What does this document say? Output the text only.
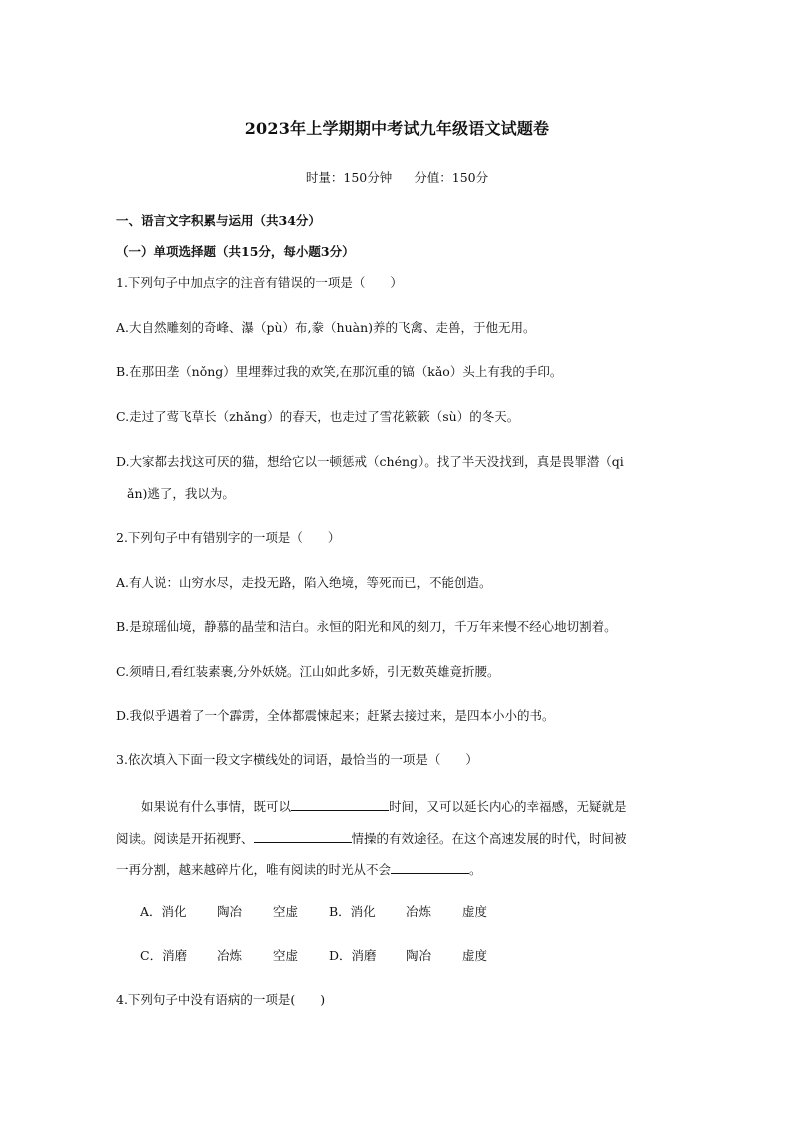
2023年上学期期中考试九年级语文试题卷
时量：150分钟 分值：150分
一、语言文字积累与运用（共34分）
（一）单项选择题（共15分，每小题3分）
1.下列句子中加点字的注音有错误的一项是（　　）
A.大自然雕刻的奇峰、瀑（pù）布,豢（huàn)养的飞禽、走兽，于他无用。
B.在那田垄（nǒng）里埋葬过我的欢笑,在那沉重的镐（kǎo）头上有我的手印。
C.走过了莺飞草长（zhǎng）的春天，也走过了雪花簌簌（sù）的冬天。
D.大家都去找这可厌的猫，想给它以一顿惩戒（chéng）。找了半天没找到，真是畏罪潜（qi
ǎn)逃了，我以为。
2.下列句子中有错别字的一项是（　　）
A.有人说：山穷水尽，走投无路，陷入绝境，等死而已，不能创造。
B.是琼瑶仙境，静慕的晶莹和洁白。永恒的阳光和风的刻刀，千万年来慢不经心地切割着。
C.须晴日,看红装素裹,分外妖娆。江山如此多娇，引无数英雄竟折腰。
D.我似乎遇着了一个霹雳，全体都震悚起来；赶紧去接过来，是四本小小的书。
3.依次填入下面一段文字横线处的词语，最恰当的一项是（　　）
如果说有什么事情，既可以	时间，又可以延长内心的幸福感，无疑就是
阅读。阅读是开拓视野、	情操的有效途径。在这个高速发展的时代，时间被
一再分割，越来越碎片化，唯有阅读的时光从不会	。
A．消化 陶冶 空虚 B．消化 冶炼 虚度
C．消磨 冶炼 空虚 D．消磨 陶冶 虚度
4.下列句子中没有语病的一项是(　　)
